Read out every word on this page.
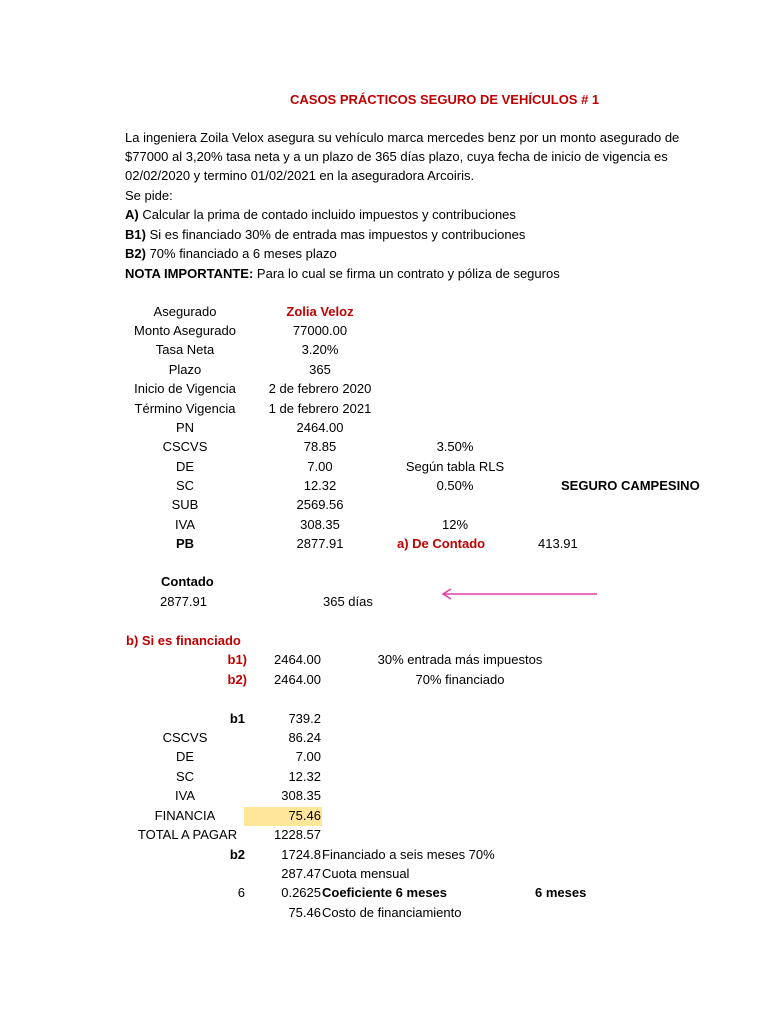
CASOS PRÁCTICOS SEGURO DE VEHÍCULOS # 1
La ingeniera Zoila Velox asegura su vehículo marca mercedes benz por un monto asegurado de
$77000 al 3,20% tasa neta y a un plazo de 365 días plazo, cuya fecha de inicio de vigencia es
02/02/2020 y termino 01/02/2021 en la aseguradora Arcoiris.
Se pide:
A) Calcular la prima de contado incluido impuestos y contribuciones
B1) Si es financiado 30% de entrada mas impuestos y contribuciones
B2) 70% financiado a 6 meses plazo
NOTA IMPORTANTE: Para lo cual se firma un contrato y póliza de seguros
Asegurado	Zolia Veloz
Monto Asegurado	77000.00
Tasa Neta	3.20%
Plazo	365
Inicio de Vigencia	2 de febrero 2020
Término Vigencia	1 de febrero 2021
PN	2464.00
CSCVS	78.85	3.50%
DE	7.00	Según tabla RLS
SC	12.32	0.50%	SEGURO CAMPESINO
SUB	2569.56
IVA	308.35	12%
PB	2877.91	a) De Contado	413.91
Contado
2877.91	365 días
b) Si es financiado
b1)	2464.00	30% entrada más impuestos
b2)	2464.00	70% financiado
b1	739.2
CSCVS	86.24
DE	7.00
SC	12.32
IVA	308.35
FINANCIA	75.46
TOTAL A PAGAR	1228.57
b2	1724.8 Financiado a seis meses 70%
287.47 Cuota mensual
6	0.2625 Coeficiente 6 meses	6 meses
75.46 Costo de financiamiento
